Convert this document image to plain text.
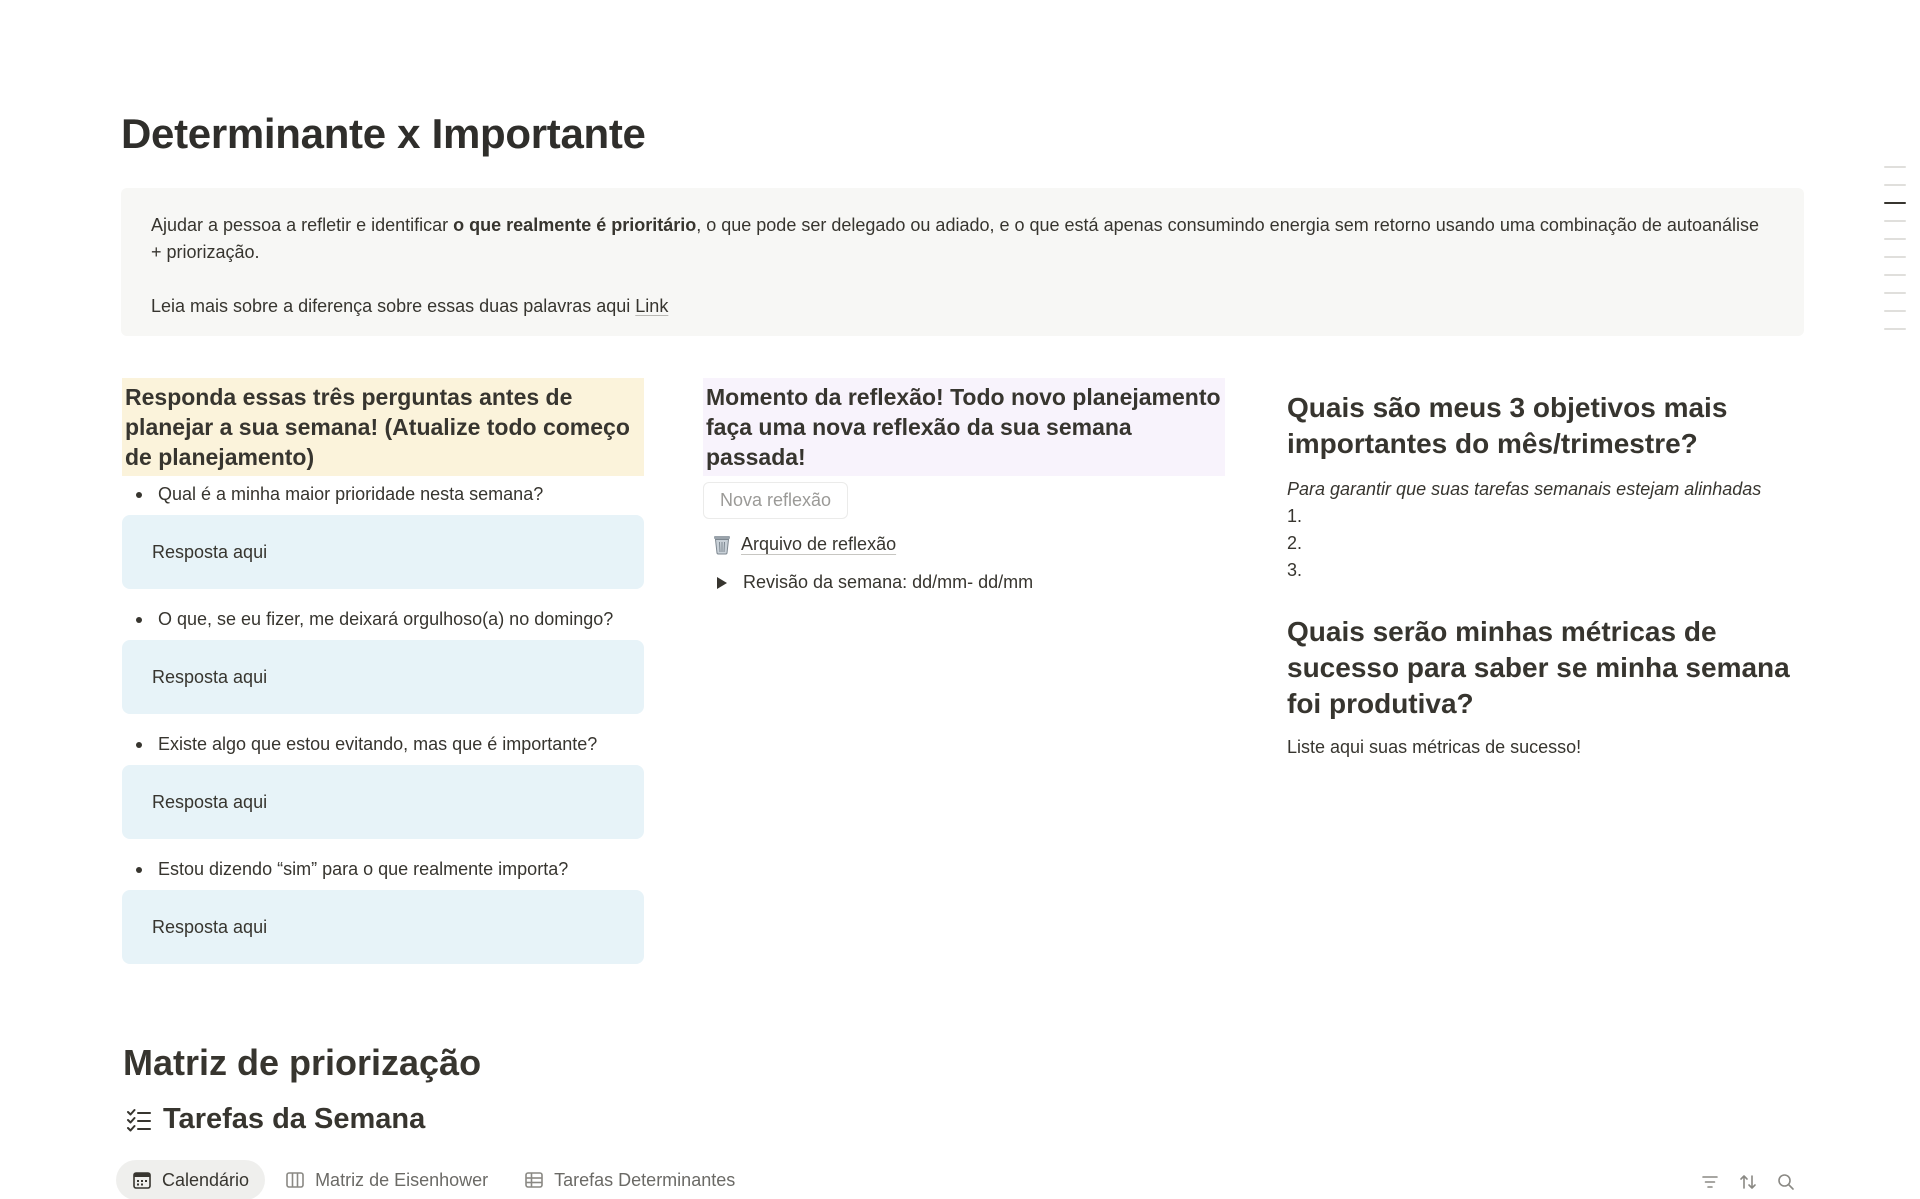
Determinante x Importante

Ajudar a pessoa a refletir e identificar o que realmente é prioritário, o que pode ser delegado ou adiado, e o que está apenas consumindo energia sem retorno usando uma combinação de autoanálise + priorização.

Leia mais sobre a diferença sobre essas duas palavras aqui Link

Responda essas três perguntas antes de planejar a sua semana! (Atualize todo começo de planejamento)
Qual é a minha maior prioridade nesta semana?
Resposta aqui
O que, se eu fizer, me deixará orgulhoso(a) no domingo?
Resposta aqui
Existe algo que estou evitando, mas que é importante?
Resposta aqui
Estou dizendo “sim” para o que realmente importa?
Resposta aqui
Momento da reflexão! Todo novo planejamento faça uma nova reflexão da sua semana passada!
Nova reflexão
Arquivo de reflexão
Revisão da semana: dd/mm- dd/mm
Quais são meus 3 objetivos mais importantes do mês/trimestre?
Para garantir que suas tarefas semanais estejam alinhadas
1.
2.
3.
Quais serão minhas métricas de sucesso para saber se minha semana foi produtiva?
Liste aqui suas métricas de sucesso!
Matriz de priorização
Tarefas da Semana
Calendário	Matriz de Eisenhower	Tarefas Determinantes
